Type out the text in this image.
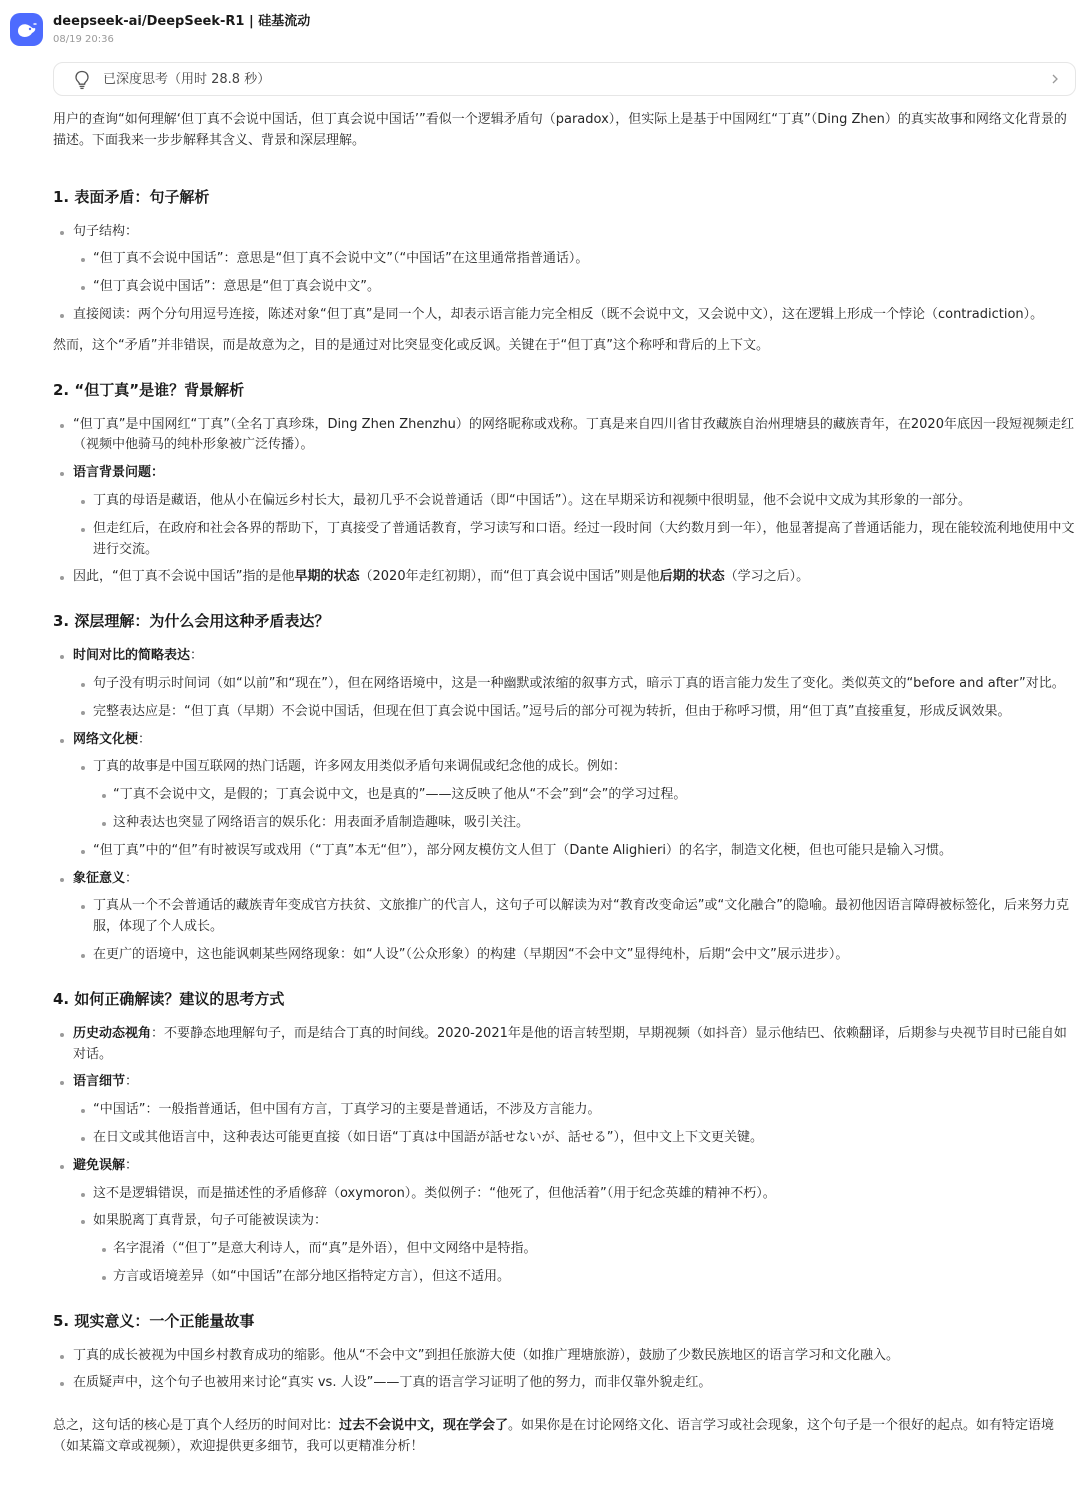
deepseek-ai/DeepSeek-R1 | 硅基流动
08/19 20:36
已深度思考（用时 28.8 秒）

用户的查询“如何理解‘但丁真不会说中国话，但丁真会说中国话’”看似一个逻辑矛盾句（paradox），但实际上是基于中国网红“丁真”（Ding Zhen）的真实故事和网络文化背景的描述。下面我来一步步解释其含义、背景和深层理解。

1. 表面矛盾：句子解析
句子结构：
“但丁真不会说中国话”：意思是“但丁真不会说中文”（“中国话”在这里通常指普通话）。
“但丁真会说中国话”：意思是“但丁真会说中文”。
直接阅读：两个分句用逗号连接，陈述对象“但丁真”是同一个人，却表示语言能力完全相反（既不会说中文，又会说中文），这在逻辑上形成一个悖论（contradiction）。

然而，这个“矛盾”并非错误，而是故意为之，目的是通过对比突显变化或反讽。关键在于“但丁真”这个称呼和背后的上下文。

2. “但丁真”是谁？背景解析
“但丁真”是中国网红“丁真”（全名丁真珍珠，Ding Zhen Zhenzhu）的网络昵称或戏称。丁真是来自四川省甘孜藏族自治州理塘县的藏族青年，在2020年底因一段短视频走红（视频中他骑马的纯朴形象被广泛传播）。
语言背景问题：
丁真的母语是藏语，他从小在偏远乡村长大，最初几乎不会说普通话（即“中国话”）。这在早期采访和视频中很明显，他不会说中文成为其形象的一部分。
但走红后，在政府和社会各界的帮助下，丁真接受了普通话教育，学习读写和口语。经过一段时间（大约数月到一年），他显著提高了普通话能力，现在能较流利地使用中文进行交流。
因此，“但丁真不会说中国话”指的是他早期的状态（2020年走红初期），而“但丁真会说中国话”则是他后期的状态（学习之后）。
3. 深层理解：为什么会用这种矛盾表达？
时间对比的简略表达：
句子没有明示时间词（如“以前”和“现在”），但在网络语境中，这是一种幽默或浓缩的叙事方式，暗示丁真的语言能力发生了变化。类似英文的“before and after”对比。
完整表达应是：“但丁真（早期）不会说中国话，但现在但丁真会说中国话。”逗号后的部分可视为转折，但由于称呼习惯，用“但丁真”直接重复，形成反讽效果。
网络文化梗：
丁真的故事是中国互联网的热门话题，许多网友用类似矛盾句来调侃或纪念他的成长。例如：
“丁真不会说中文，是假的；丁真会说中文，也是真的”——这反映了他从“不会”到“会”的学习过程。
这种表达也突显了网络语言的娱乐化：用表面矛盾制造趣味，吸引关注。
“但丁真”中的“但”有时被误写或戏用（“丁真”本无“但”），部分网友模仿文人但丁（Dante Alighieri）的名字，制造文化梗，但也可能只是输入习惯。
象征意义：
丁真从一个不会普通话的藏族青年变成官方扶贫、文旅推广的代言人，这句子可以解读为对“教育改变命运”或“文化融合”的隐喻。最初他因语言障碍被标签化，后来努力克服，体现了个人成长。
在更广的语境中，这也能讽刺某些网络现象：如“人设”（公众形象）的构建（早期因“不会中文”显得纯朴，后期“会中文”展示进步）。
4. 如何正确解读？建议的思考方式
历史动态视角：不要静态地理解句子，而是结合丁真的时间线。2020-2021年是他的语言转型期，早期视频（如抖音）显示他结巴、依赖翻译，后期参与央视节目时已能自如对话。
语言细节：
“中国话”：一般指普通话，但中国有方言，丁真学习的主要是普通话，不涉及方言能力。
在日文或其他语言中，这种表达可能更直接（如日语“丁真は中国語が話せないが、話せる”），但中文上下文更关键。
避免误解：
这不是逻辑错误，而是描述性的矛盾修辞（oxymoron）。类似例子：“他死了，但他活着”（用于纪念英雄的精神不朽）。
如果脱离丁真背景，句子可能被误读为：
名字混淆（“但丁”是意大利诗人，而“真”是外语），但中文网络中是特指。
方言或语境差异（如“中国话”在部分地区指特定方言），但这不适用。
5. 现实意义：一个正能量故事
丁真的成长被视为中国乡村教育成功的缩影。他从“不会中文”到担任旅游大使（如推广理塘旅游），鼓励了少数民族地区的语言学习和文化融入。
在质疑声中，这个句子也被用来讨论“真实 vs. 人设”——丁真的语言学习证明了他的努力，而非仅靠外貌走红。

总之，这句话的核心是丁真个人经历的时间对比：过去不会说中文，现在学会了。如果你是在讨论网络文化、语言学习或社会现象，这个句子是一个很好的起点。如有特定语境（如某篇文章或视频），欢迎提供更多细节，我可以更精准分析！
